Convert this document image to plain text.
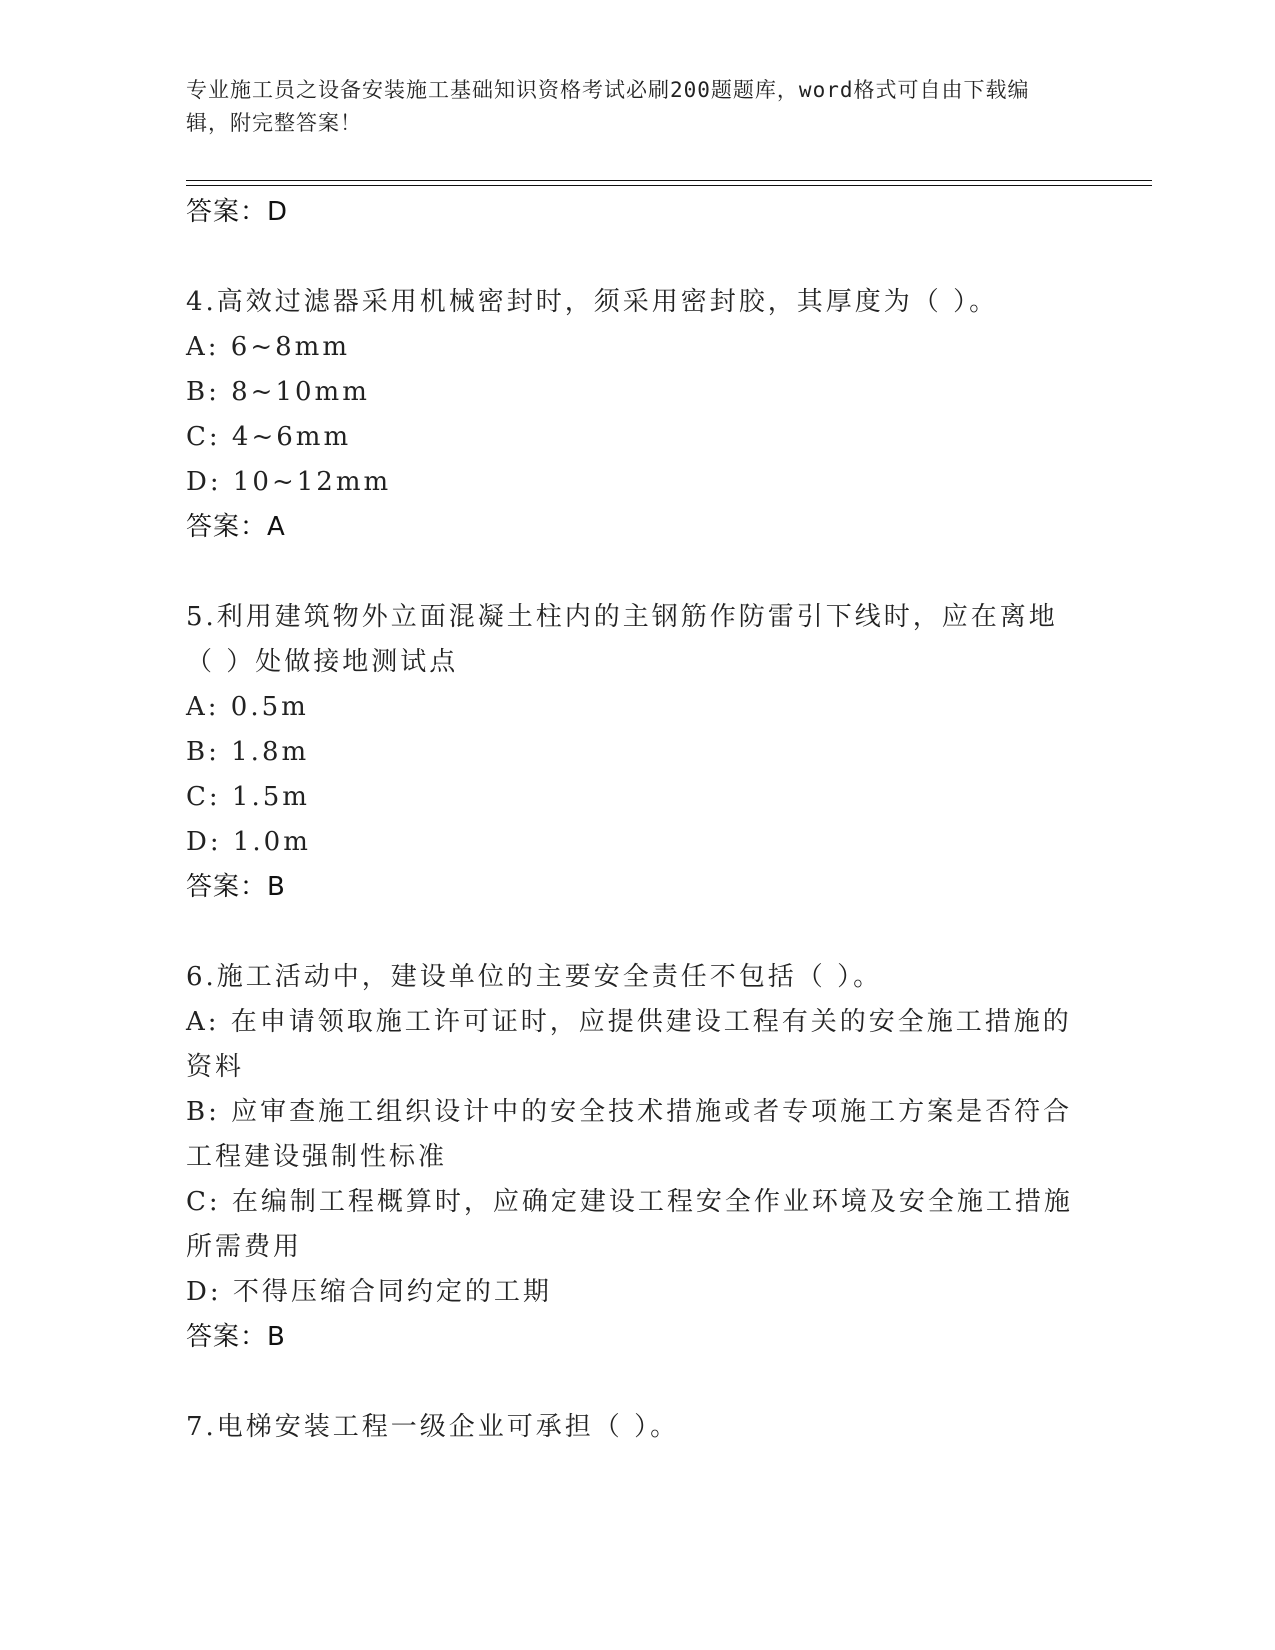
专业施工员之设备安装施工基础知识资格考试必刷200题题库，word格式可自由下载编辑，附完整答案！
答案：D
4.高效过滤器采用机械密封时，须采用密封胶，其厚度为（ ）。
A: 6~8mm
B: 8~10mm
C: 4~6mm
D: 10~12mm
答案：A
5.利用建筑物外立面混凝土柱内的主钢筋作防雷引下线时，应在离地（ ）处做接地测试点
A: 0.5m
B: 1.8m
C: 1.5m
D: 1.0m
答案：B
6.施工活动中，建设单位的主要安全责任不包括（ ）。
A: 在申请领取施工许可证时，应提供建设工程有关的安全施工措施的资料
B: 应审查施工组织设计中的安全技术措施或者专项施工方案是否符合工程建设强制性标准
C: 在编制工程概算时，应确定建设工程安全作业环境及安全施工措施所需费用
D: 不得压缩合同约定的工期
答案：B
7.电梯安装工程一级企业可承担（ ）。
